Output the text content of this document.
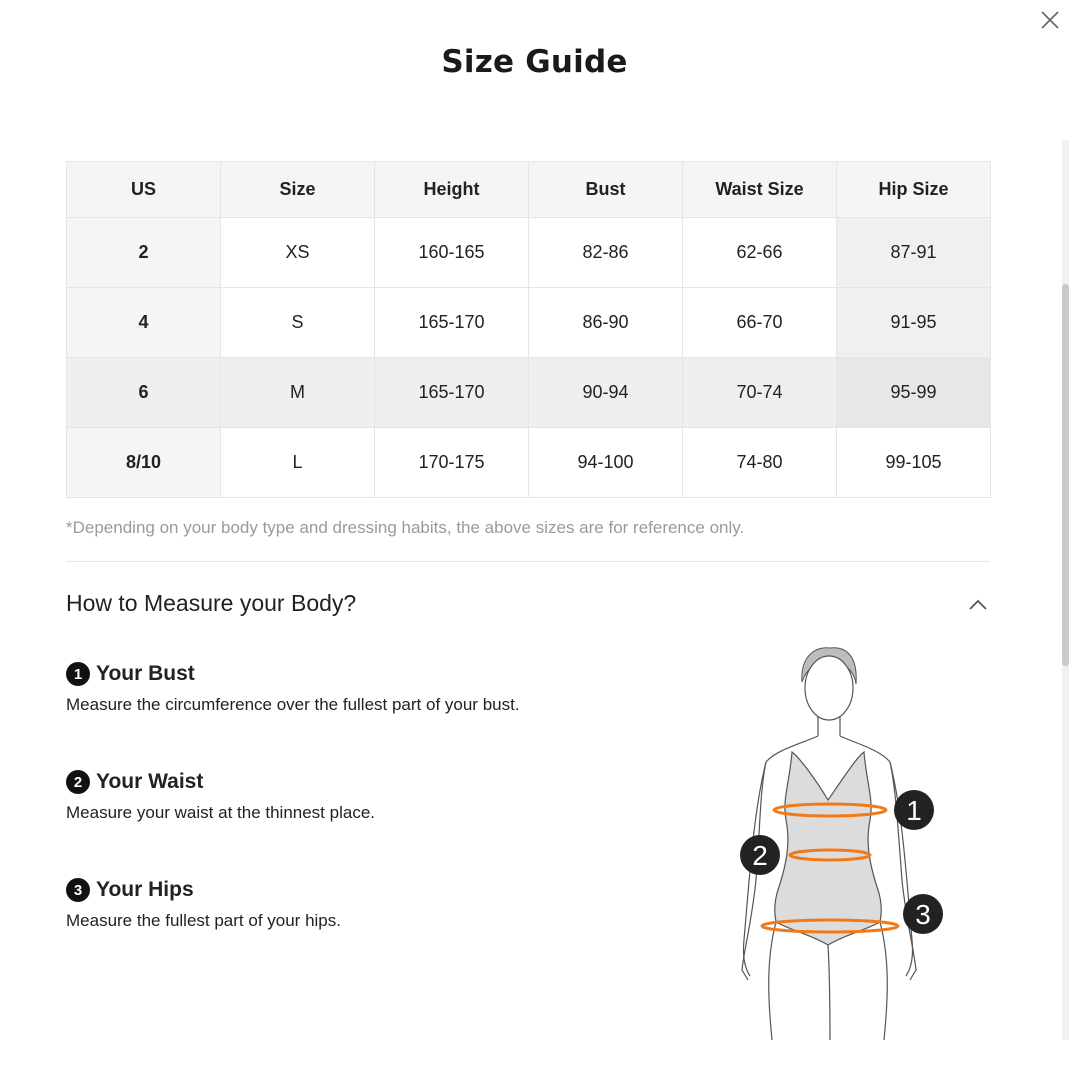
Size Guide
US	Size	Height	Bust	Waist Size	Hip Size
2	XS	160-165	82-86	62-66	87-91
4	S	165-170	86-90	66-70	91-95
6	M	165-170	90-94	70-74	95-99
8/10	L	170-175	94-100	74-80	99-105
*Depending on your body type and dressing habits, the above sizes are for reference only.
How to Measure your Body?
1 Your Bust
Measure the circumference over the fullest part of your bust.
2 Your Waist
Measure your waist at the thinnest place.
3 Your Hips
Measure the fullest part of your hips.
1
2
3
